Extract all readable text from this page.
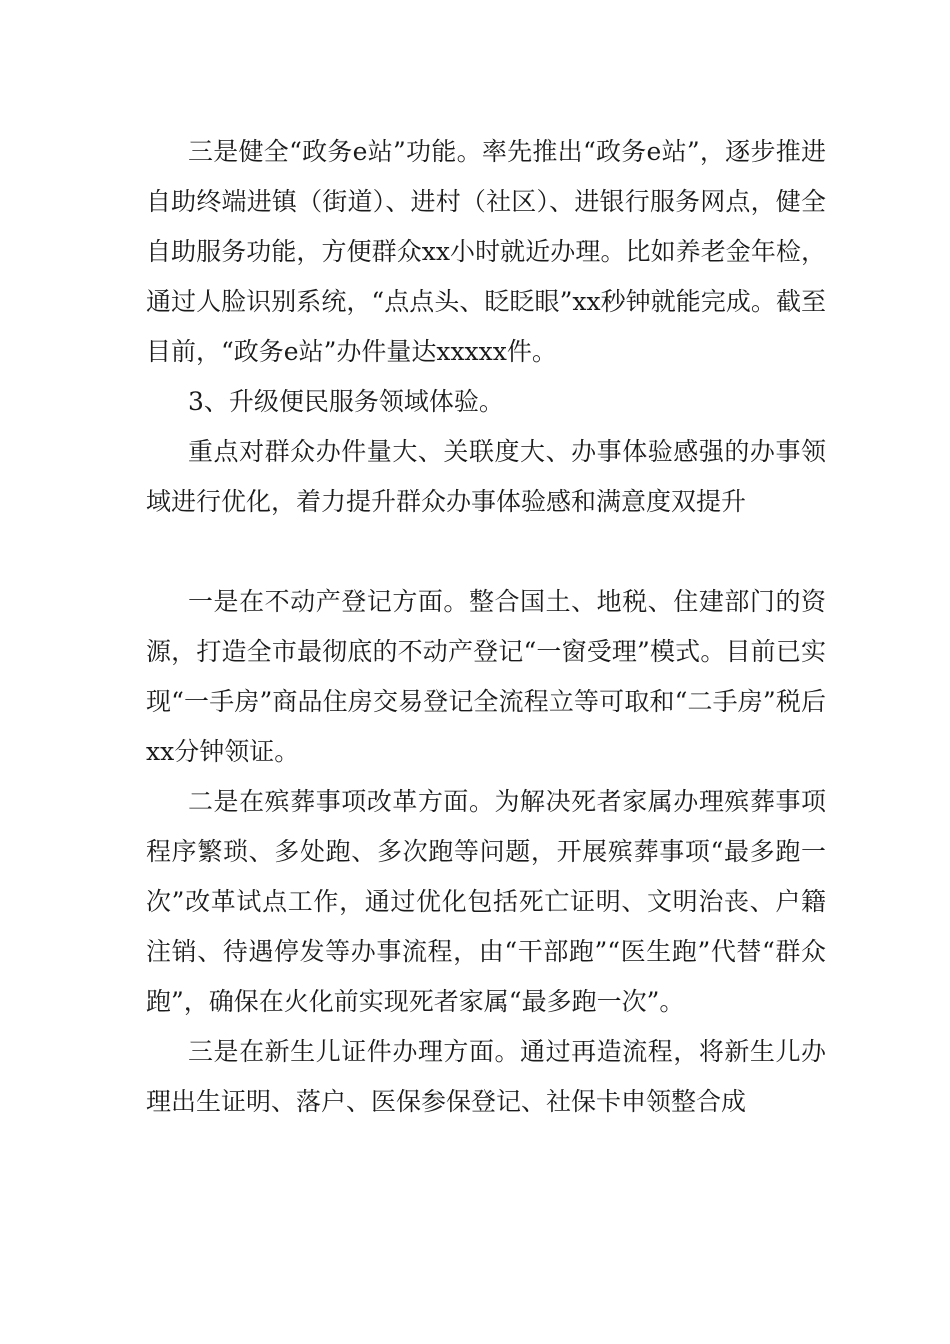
三是健全“政务e站”功能。率先推出“政务e站”，逐步推进自助终端进镇（街道）、进村（社区）、进银行服务网点，健全自助服务功能，方便群众xx小时就近办理。比如养老金年检，通过人脸识别系统，“点点头、眨眨眼”xx秒钟就能完成。截至目前，“政务e站”办件量达xxxxx件。

3、升级便民服务领域体验。

重点对群众办件量大、关联度大、办事体验感强的办事领域进行优化，着力提升群众办事体验感和满意度双提升

一是在不动产登记方面。整合国土、地税、住建部门的资源，打造全市最彻底的不动产登记“一窗受理”模式。目前已实现“一手房”商品住房交易登记全流程立等可取和“二手房”税后xx分钟领证。

二是在殡葬事项改革方面。为解决死者家属办理殡葬事项程序繁琐、多处跑、多次跑等问题，开展殡葬事项“最多跑一次”改革试点工作，通过优化包括死亡证明、文明治丧、户籍注销、待遇停发等办事流程，由“干部跑”“医生跑”代替“群众跑”，确保在火化前实现死者家属“最多跑一次”。

三是在新生儿证件办理方面。通过再造流程，将新生儿办理出生证明、落户、医保参保登记、社保卡申领整合成
